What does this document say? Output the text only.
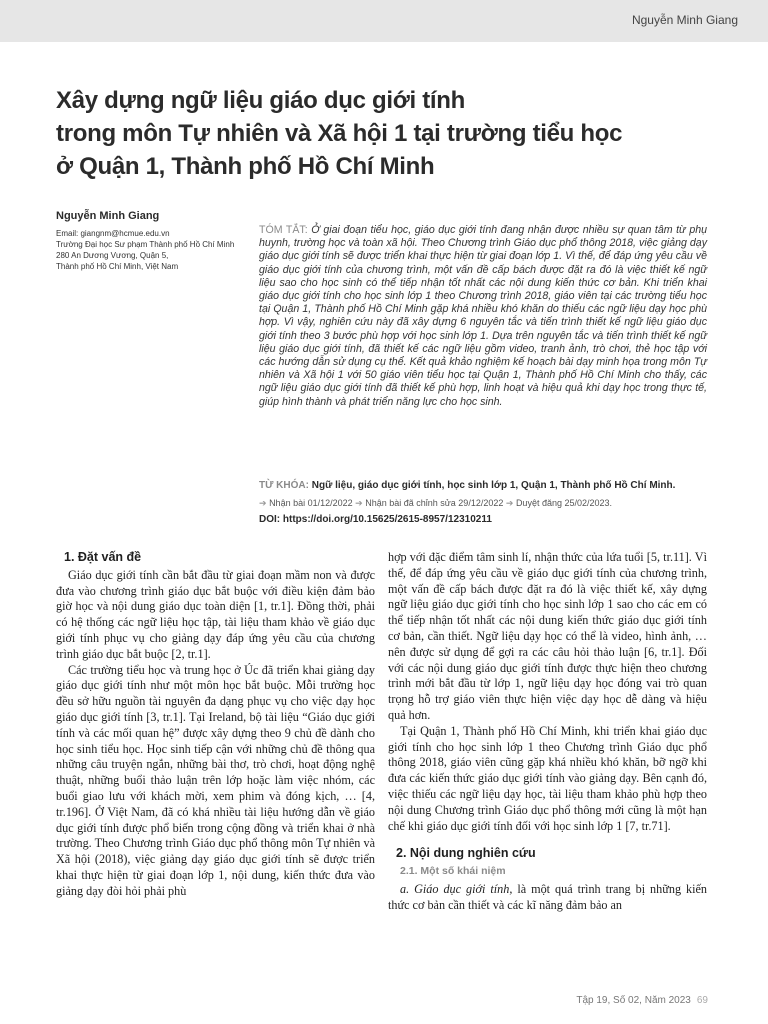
Nguyễn Minh Giang
Xây dựng ngữ liệu giáo dục giới tính
trong môn Tự nhiên và Xã hội 1 tại trường tiểu học
ở Quận 1, Thành phố Hồ Chí Minh
Nguyễn Minh Giang
Email: giangnm@hcmue.edu.vn
Trường Đại học Sư phạm Thành phố Hồ Chí Minh
280 An Dương Vương, Quận 5,
Thành phố Hồ Chí Minh, Việt Nam
TÓM TẮT: Ở giai đoạn tiểu học, giáo dục giới tính đang nhận được nhiều sự quan tâm từ phụ huynh, trường học và toàn xã hội. Theo Chương trình Giáo dục phổ thông 2018, việc giảng dạy giáo dục giới tính sẽ được triển khai thực hiện từ giai đoạn lớp 1. Vì thế, để đáp ứng yêu cầu về giáo dục giới tính của chương trình, một vấn đề cấp bách được đặt ra đó là việc thiết kế ngữ liệu sao cho học sinh có thể tiếp nhận tốt nhất các nội dung kiến thức cơ bản. Khi triển khai giáo dục giới tính cho học sinh lớp 1 theo Chương trình 2018, giáo viên tại các trường tiểu học tại Quận 1, Thành phố Hồ Chí Minh gặp khá nhiều khó khăn do thiếu các ngữ liệu dạy học phù hợp. Vì vậy, nghiên cứu này đã xây dựng 6 nguyên tắc và tiến trình thiết kế ngữ liệu giáo dục giới tính theo 3 bước phù hợp với học sinh lớp 1. Dựa trên nguyên tắc và tiến trình thiết kế ngữ liệu giáo dục giới tính, đã thiết kế các ngữ liệu gồm video, tranh ảnh, trò chơi, thẻ học tập với các hướng dẫn sử dụng cụ thể. Kết quả khảo nghiệm kế hoạch bài dạy minh họa trong môn Tự nhiên và Xã hội 1 với 50 giáo viên tiểu học tại Quận 1, Thành phố Hồ Chí Minh cho thấy, các ngữ liệu giáo dục giới tính đã thiết kế phù hợp, linh hoạt và hiệu quả khi dạy học trong thực tế, giúp hình thành và phát triển năng lực cho học sinh.
TỪ KHÓA: Ngữ liệu, giáo dục giới tính, học sinh lớp 1, Quận 1, Thành phố Hồ Chí Minh.
➔ Nhận bài 01/12/2022 ➔ Nhận bài đã chỉnh sửa 29/12/2022 ➔ Duyệt đăng 25/02/2023.
DOI: https://doi.org/10.15625/2615-8957/12310211
1. Đặt vấn đề

Giáo dục giới tính cần bắt đầu từ giai đoạn mầm non và được đưa vào chương trình giáo dục bắt buộc với điều kiện đảm bảo giờ học và nội dung giáo dục toàn diện [1, tr.1]. Đồng thời, phải có hệ thống các ngữ liệu học tập, tài liệu tham khảo về giáo dục giới tính phục vụ cho giảng dạy đáp ứng yêu cầu của chương trình giáo dục bắt buộc [2, tr.1].

Các trường tiểu học và trung học ở Úc đã triển khai giảng dạy giáo dục giới tính như một môn học bắt buộc. Mỗi trường học đều sở hữu nguồn tài nguyên đa dạng phục vụ cho việc dạy học giáo dục giới tính [3, tr.1]. Tại Ireland, bộ tài liệu “Giáo dục giới tính và các mối quan hệ” được xây dựng theo 9 chủ đề dành cho học sinh tiểu học. Học sinh tiếp cận với những chủ đề thông qua những câu truyện ngắn, những bài thơ, trò chơi, hoạt động nghệ thuật, những buổi thảo luận trên lớp hoặc làm việc nhóm, các buổi giao lưu với khách mời, xem phim và đóng kịch, … [4, tr.196]. Ở Việt Nam, đã có khá nhiều tài liệu hướng dẫn về giáo dục giới tính được phổ biến trong cộng đồng và triển khai ở nhà trường. Theo Chương trình Giáo dục phổ thông môn Tự nhiên và Xã hội (2018), việc giảng dạy giáo dục giới tính sẽ được triển khai thực hiện từ giai đoạn lớp 1, nội dung, kiến thức đưa vào giảng dạy đòi hỏi phải phù

hợp với đặc điểm tâm sinh lí, nhận thức của lứa tuổi [5, tr.11]. Vì thế, để đáp ứng yêu cầu về giáo dục giới tính của chương trình, một vấn đề cấp bách được đặt ra đó là việc thiết kế, xây dựng ngữ liệu giáo dục giới tính cho học sinh lớp 1 sao cho các em có thể tiếp nhận tốt nhất các nội dung kiến thức giáo dục giới tính cơ bản, cần thiết. Ngữ liệu dạy học có thể là video, hình ảnh, … nên được sử dụng để gợi ra các câu hỏi thảo luận [6, tr.1]. Đối với các nội dung giáo dục giới tính được thực hiện theo chương trình mới bắt đầu từ lớp 1, ngữ liệu dạy học đóng vai trò quan trọng hỗ trợ giáo viên thực hiện việc dạy học dễ dàng và hiệu quả hơn.

Tại Quận 1, Thành phố Hồ Chí Minh, khi triển khai giáo dục giới tính cho học sinh lớp 1 theo Chương trình Giáo dục phổ thông 2018, giáo viên cũng gặp khá nhiều khó khăn, bỡ ngỡ khi đưa các kiến thức giáo dục giới tính vào giảng dạy. Bên cạnh đó, việc thiếu các ngữ liệu dạy học, tài liệu tham khảo phù hợp theo nội dung Chương trình Giáo dục phổ thông mới cũng là một hạn chế khi giáo dục giới tính đối với học sinh lớp 1 [7, tr.71].

2. Nội dung nghiên cứu
2.1. Một số khái niệm

a. Giáo dục giới tính, là một quá trình trang bị những kiến thức cơ bản cần thiết và các kĩ năng đảm bảo an

Tập 19, Số 02, Năm 2023 69
